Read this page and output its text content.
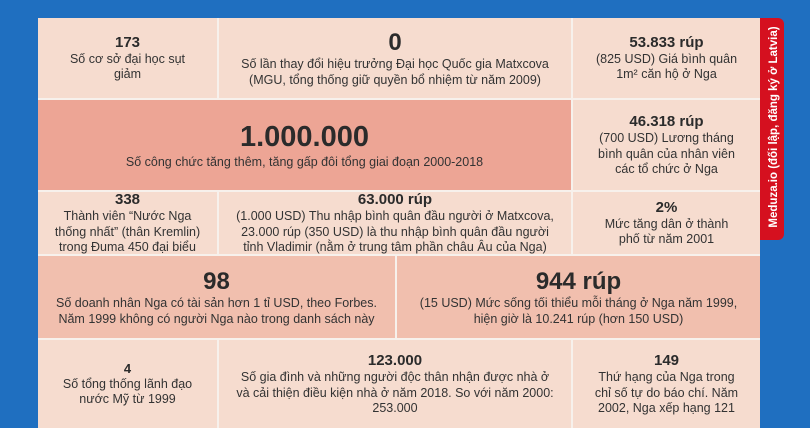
173
Số cơ sở đại học sụt giảm
0
Số lần thay đổi hiệu trưởng Đại học Quốc gia Matxcova (MGU, tổng thống giữ quyền bổ nhiệm từ năm 2009)
53.833 rúp
(825 USD) Giá bình quân 1m² căn hộ ở Nga
1.000.000
Số công chức tăng thêm, tăng gấp đôi tổng giai đoạn 2000-2018
46.318 rúp
(700 USD) Lương tháng bình quân của nhân viên các tổ chức ở Nga
338
Thành viên “Nước Nga thống nhất” (thân Kremlin) trong Đuma 450 đại biểu
63.000 rúp
(1.000 USD) Thu nhập bình quân đầu người ở Matxcova, 23.000 rúp (350 USD) là thu nhập bình quân đầu người tỉnh Vladimir (nằm ở trung tâm phần châu Âu của Nga)
2%
Mức tăng dân ở thành phố từ năm 2001
98
Số doanh nhân Nga có tài sản hơn 1 tỉ USD, theo Forbes. Năm 1999 không có người Nga nào trong danh sách này
944 rúp
(15 USD) Mức sống tối thiểu mỗi tháng ở Nga năm 1999, hiện giờ là 10.241 rúp (hơn 150 USD)
4
Số tổng thống lãnh đạo nước Mỹ từ 1999
123.000
Số gia đình và những người độc thân nhận được nhà ở và cải thiện điều kiện nhà ở năm 2018. So với năm 2000: 253.000
149
Thứ hạng của Nga trong chỉ số tự do báo chí. Năm 2002, Nga xếp hạng 121
Meduza.io (đối lập, đăng ký ở Latvia)
